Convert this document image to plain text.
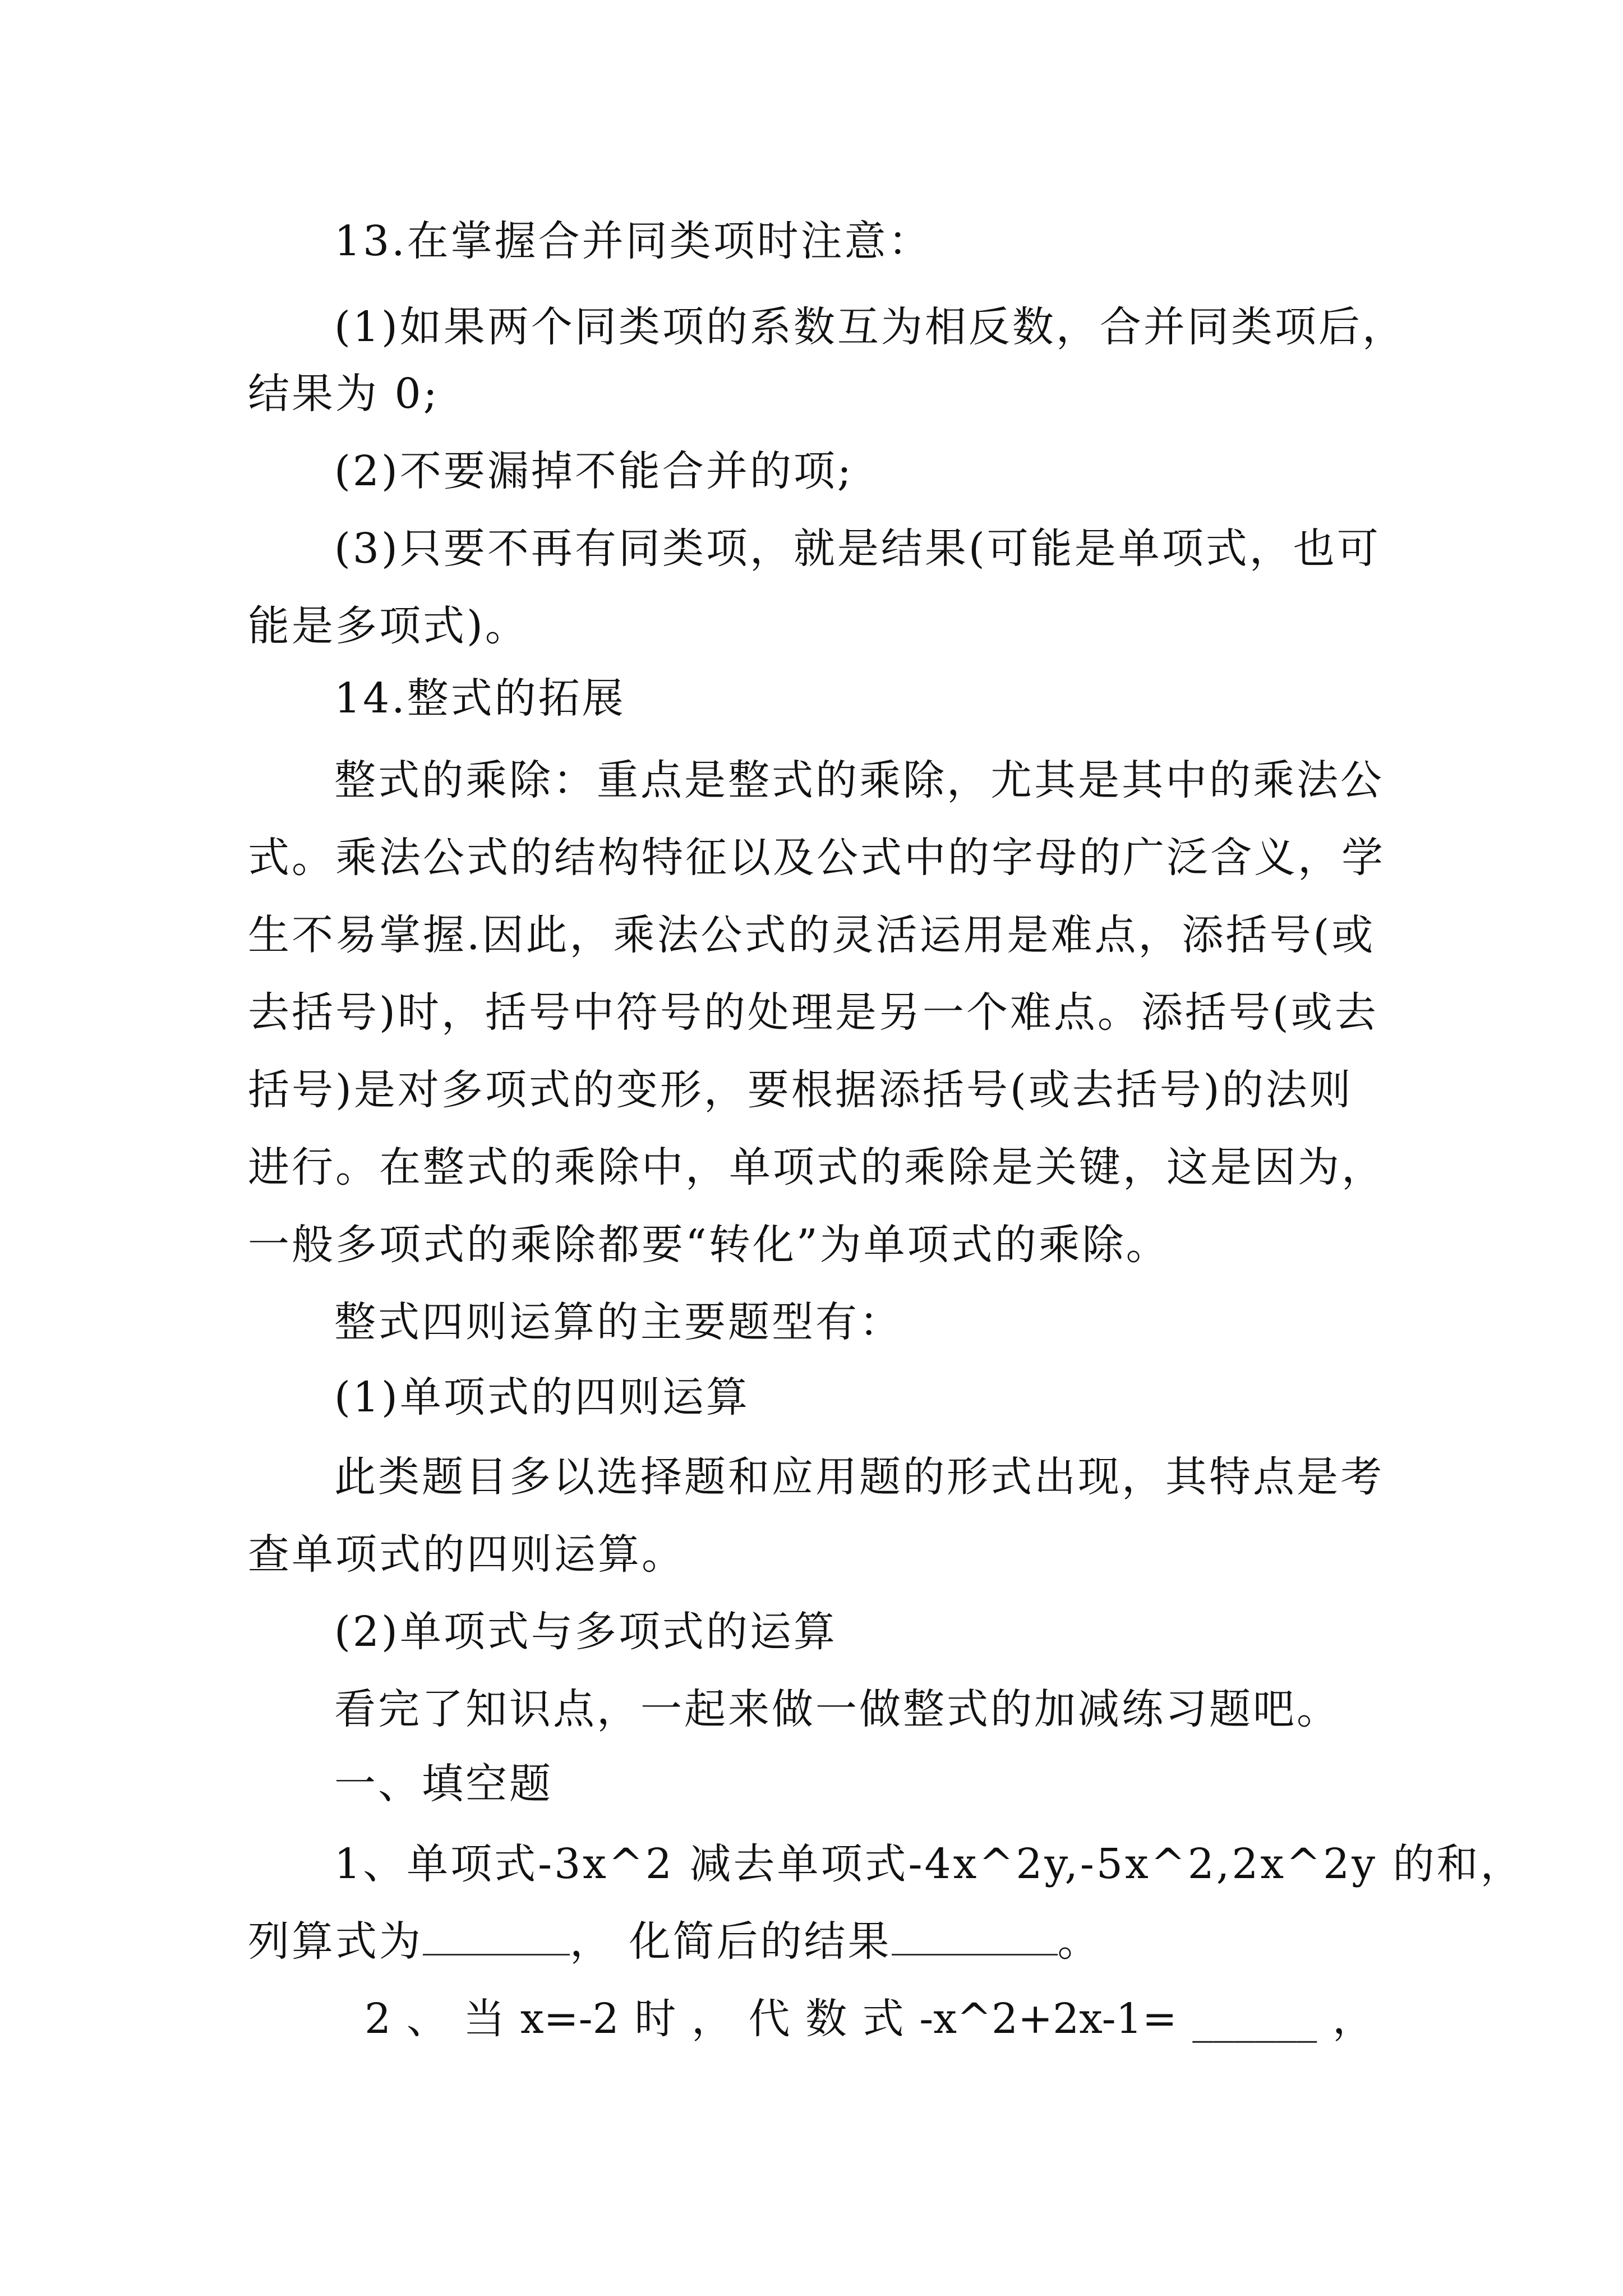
13.在掌握合并同类项时注意：
(1)如果两个同类项的系数互为相反数，合并同类项后，
结果为 0;
(2)不要漏掉不能合并的项;
(3)只要不再有同类项，就是结果(可能是单项式，也可
能是多项式)。
14.整式的拓展
整式的乘除：重点是整式的乘除，尤其是其中的乘法公
式。乘法公式的结构特征以及公式中的字母的广泛含义，学
生不易掌握.因此，乘法公式的灵活运用是难点，添括号(或
去括号)时，括号中符号的处理是另一个难点。添括号(或去
括号)是对多项式的变形，要根据添括号(或去括号)的法则
进行。在整式的乘除中，单项式的乘除是关键，这是因为，
一般多项式的乘除都要“转化”为单项式的乘除。
整式四则运算的主要题型有：
(1)单项式的四则运算
此类题目多以选择题和应用题的形式出现，其特点是考
查单项式的四则运算。
(2)单项式与多项式的运算
看完了知识点，一起来做一做整式的加减练习题吧。
一、填空题
1、单项式-3x^2 减去单项式-4x^2y,-5x^2,2x^2y 的和，
列算式为	， 化简后的结果	。
2 、 当 x=-2 时 ， 代 数 式 -x^2+2x-1= ______ ，
